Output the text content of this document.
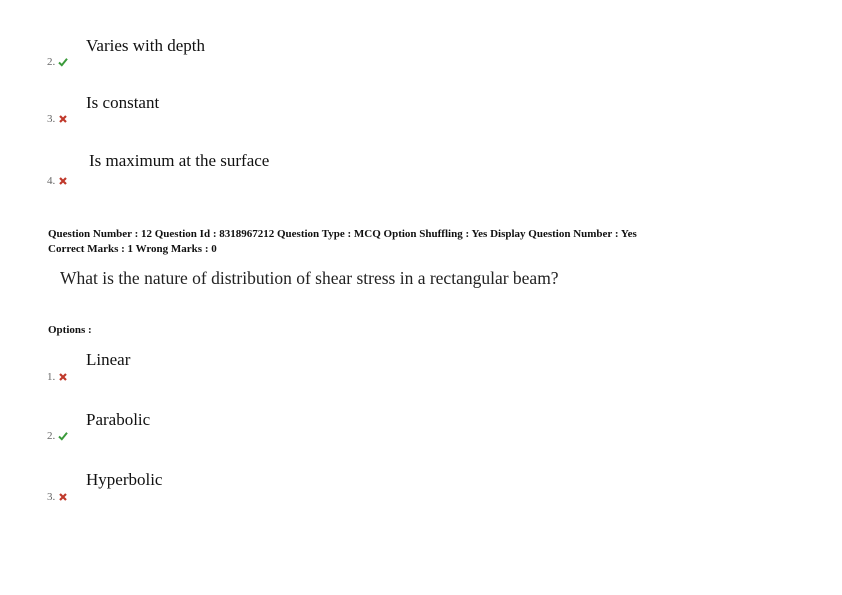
Varies with depth
2.
Is constant
3.
Is maximum at the surface
4.
Question Number : 12 Question Id : 8318967212 Question Type : MCQ Option Shuffling : Yes Display Question Number : Yes
Correct Marks : 1 Wrong Marks : 0
What is the nature of distribution of shear stress in a rectangular beam?
Options :
Linear
1.
Parabolic
2.
Hyperbolic
3.
